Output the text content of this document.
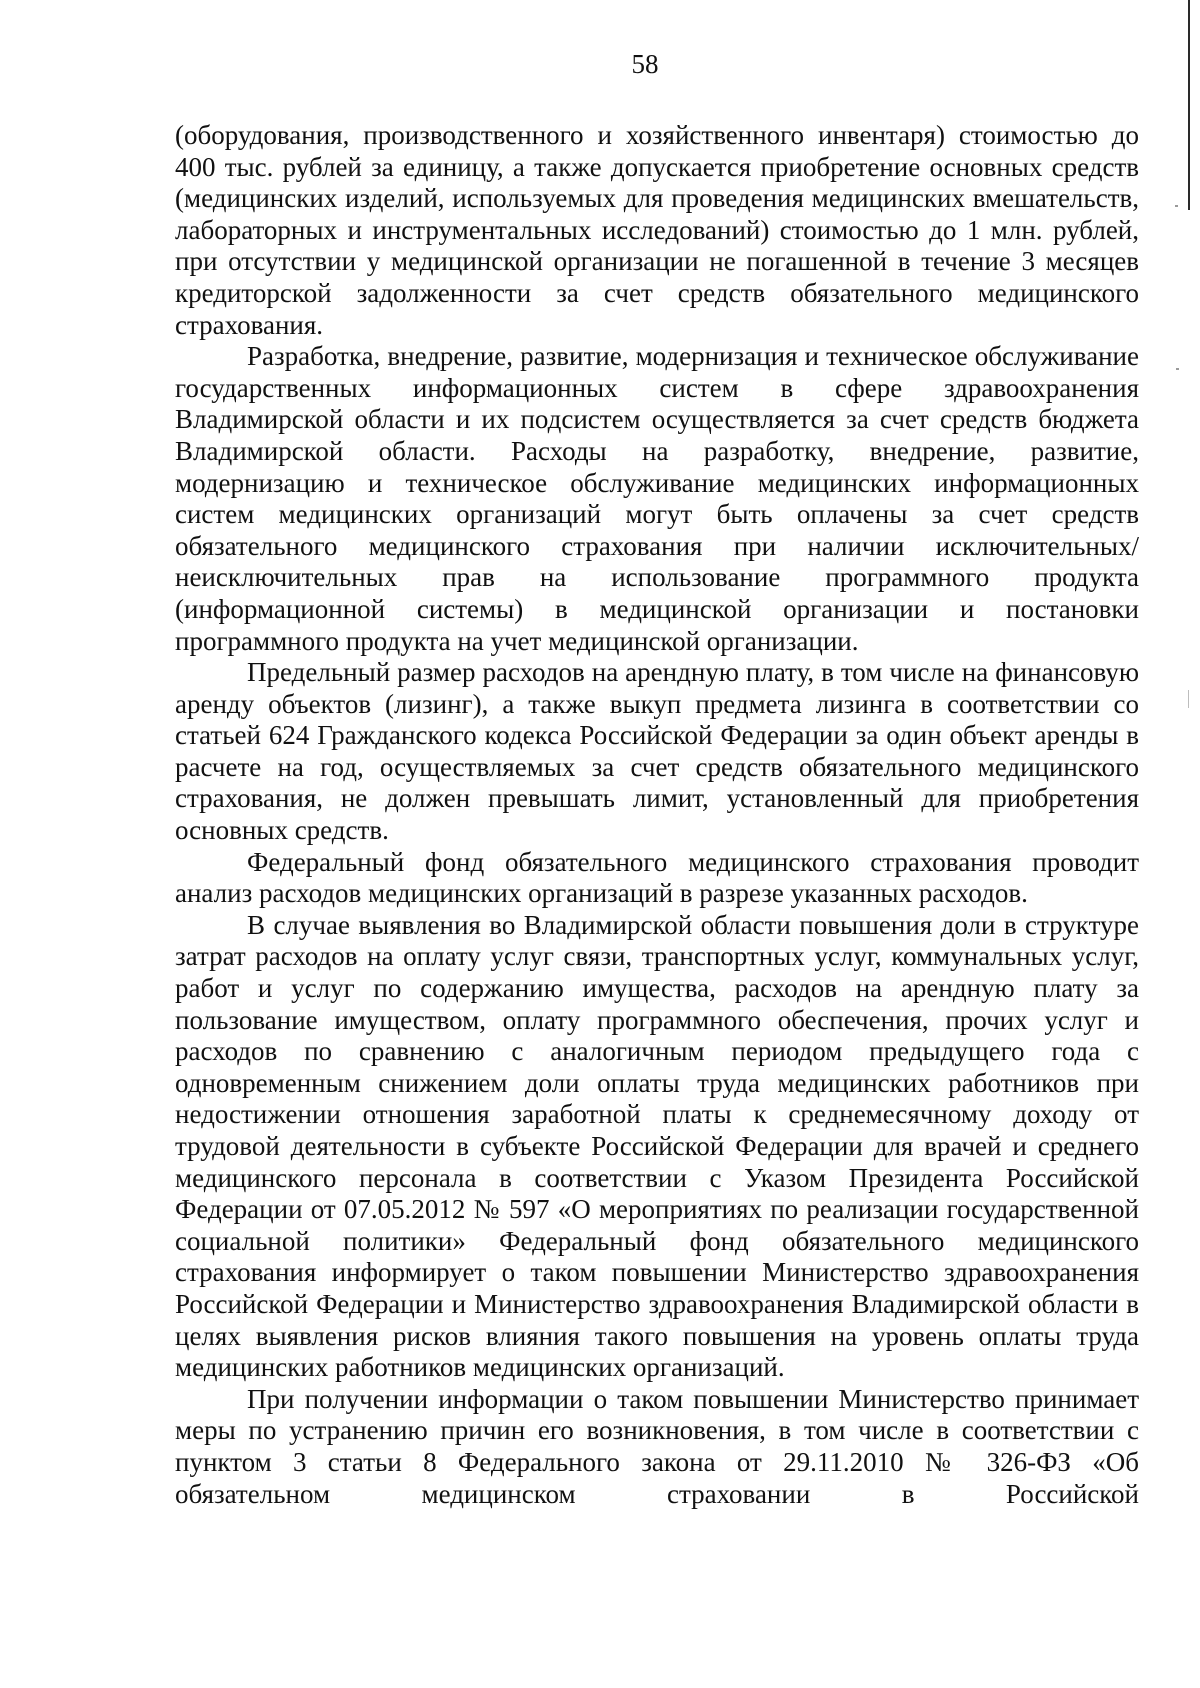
58

(оборудования, производственного и хозяйственного инвентаря) стоимостью до 400 тыс. рублей за единицу, а также допускается приобретение основных средств (медицинских изделий, используемых для проведения медицинских вмешательств, лабораторных и инструментальных исследований) стоимостью до 1 млн. рублей, при отсутствии у медицинской организации не погашенной в течение 3 месяцев кредиторской задолженности за счет средств обязательного медицинского страхования.

Разработка, внедрение, развитие, модернизация и техническое обслуживание государственных информационных систем в сфере здравоохранения Владимирской области и их подсистем осуществляется за счет средств бюджета Владимирской области. Расходы на разработку, внедрение, развитие, модернизацию и техническое обслуживание медицинских информационных систем медицинских организаций могут быть оплачены за счет средств обязательного медицинского страхования при наличии исключительных/неисключительных прав на использование программного продукта (информационной системы) в медицинской организации и постановки программного продукта на учет медицинской организации.

Предельный размер расходов на арендную плату, в том числе на финансовую аренду объектов (лизинг), а также выкуп предмета лизинга в соответствии со статьей 624 Гражданского кодекса Российской Федерации за один объект аренды в расчете на год, осуществляемых за счет средств обязательного медицинского страхования, не должен превышать лимит, установленный для приобретения основных средств.

Федеральный фонд обязательного медицинского страхования проводит анализ расходов медицинских организаций в разрезе указанных расходов.

В случае выявления во Владимирской области повышения доли в структуре затрат расходов на оплату услуг связи, транспортных услуг, коммунальных услуг, работ и услуг по содержанию имущества, расходов на арендную плату за пользование имуществом, оплату программного обеспечения, прочих услуг и расходов по сравнению с аналогичным периодом предыдущего года с одновременным снижением доли оплаты труда медицинских работников при недостижении отношения заработной платы к среднемесячному доходу от трудовой деятельности в субъекте Российской Федерации для врачей и среднего медицинского персонала в соответствии с Указом Президента Российской Федерации от 07.05.2012 № 597 «О мероприятиях по реализации государственной социальной политики» Федеральный фонд обязательного медицинского страхования информирует о таком повышении Министерство здравоохранения Российской Федерации и Министерство здравоохранения Владимирской области в целях выявления рисков влияния такого повышения на уровень оплаты труда медицинских работников медицинских организаций.

При получении информации о таком повышении Министерство принимает меры по устранению причин его возникновения, в том числе в соответствии с пунктом 3 статьи 8 Федерального закона от 29.11.2010 № 326-ФЗ «Об обязательном медицинском страховании в Российской
